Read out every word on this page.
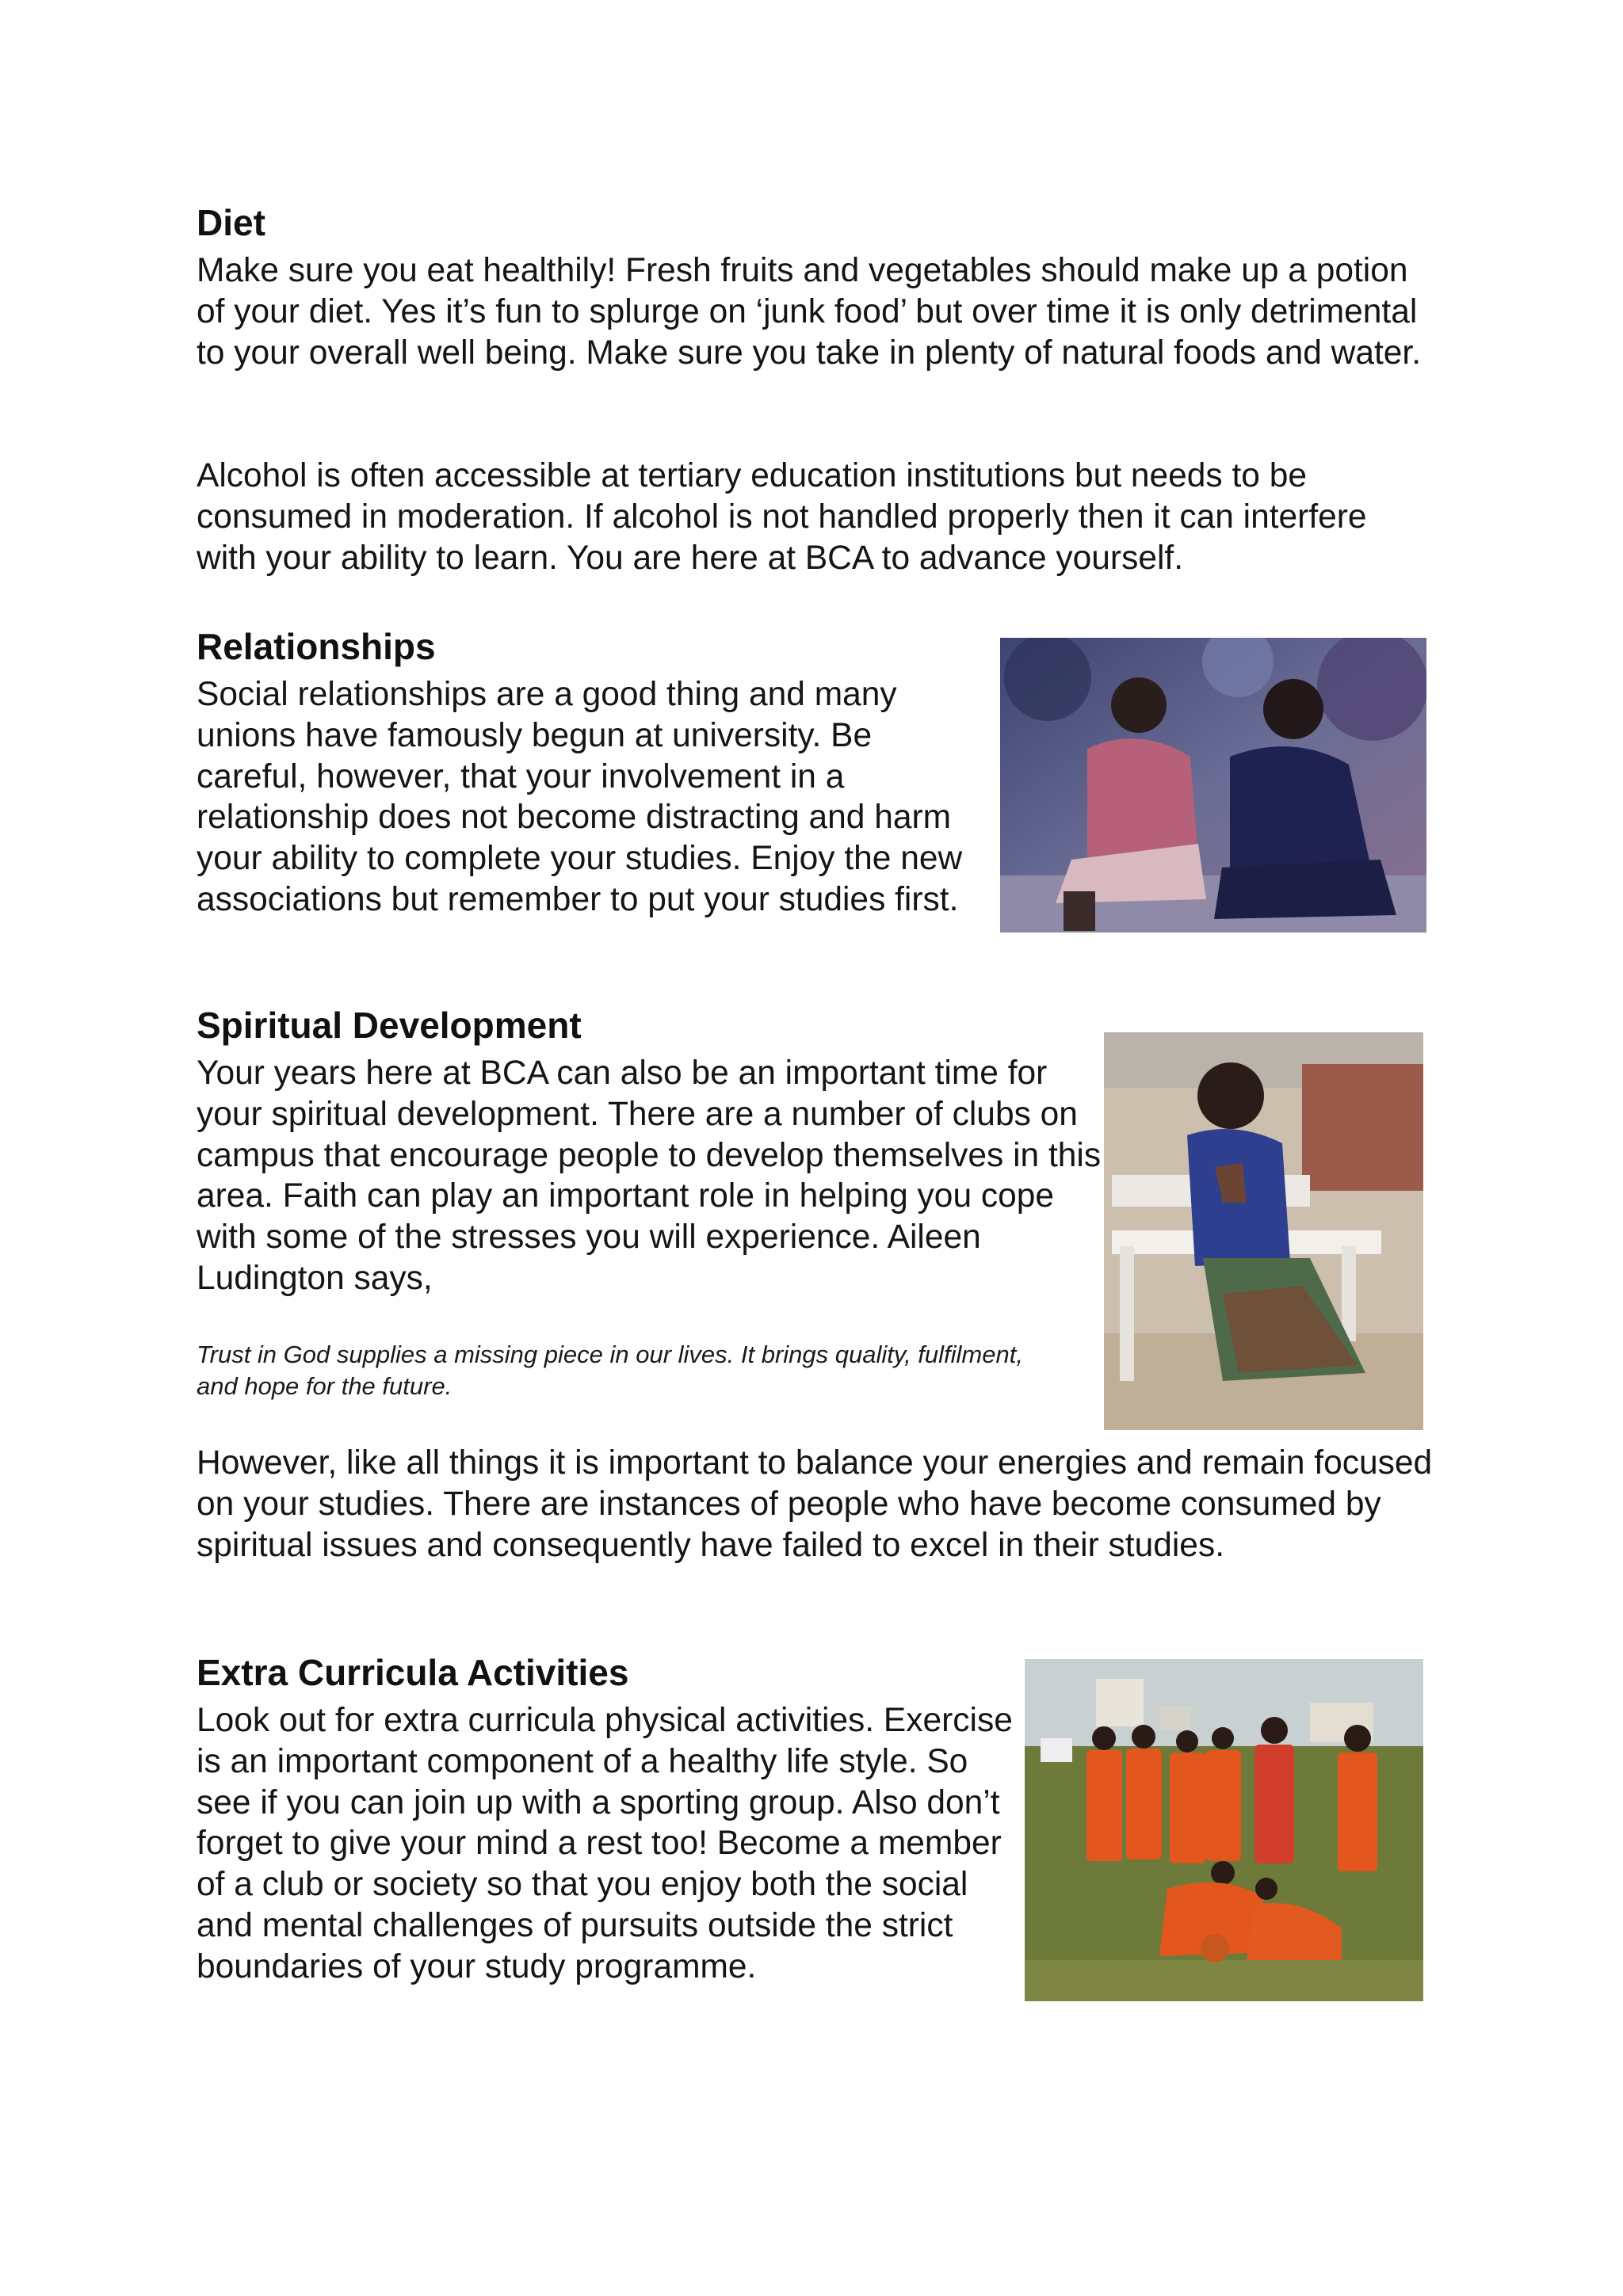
Diet

Make sure you eat healthily! Fresh fruits and vegetables should make up a potion of your diet. Yes it’s fun to splurge on ‘junk food’ but over time it is only detrimental to your overall well being. Make sure you take in plenty of natural foods and water.

Alcohol is often accessible at tertiary education institutions but needs to be consumed in moderation. If alcohol is not handled properly then it can interfere with your ability to learn. You are here at BCA to advance yourself.

Relationships

Social relationships are a good thing and many unions have famously begun at university. Be careful, however, that your involvement in a relationship does not become distracting and harm your ability to complete your studies. Enjoy the new associations but remember to put your studies first.

Spiritual Development

Your years here at BCA can also be an important time for your spiritual development. There are a number of clubs on campus that encourage people to develop themselves in this area. Faith can play an important role in helping you cope with some of the stresses you will experience. Aileen Ludington says,

Trust in God supplies a missing piece in our lives. It brings quality, fulfilment, and hope for the future.

However, like all things it is important to balance your energies and remain focused on your studies. There are instances of people who have become consumed by spiritual issues and consequently have failed to excel in their studies.

Extra Curricula Activities

Look out for extra curricula physical activities. Exercise is an important component of a healthy life style. So see if you can join up with a sporting group. Also don’t forget to give your mind a rest too! Become a member of a club or society so that you enjoy both the social and mental challenges of pursuits outside the strict boundaries of your study programme.
